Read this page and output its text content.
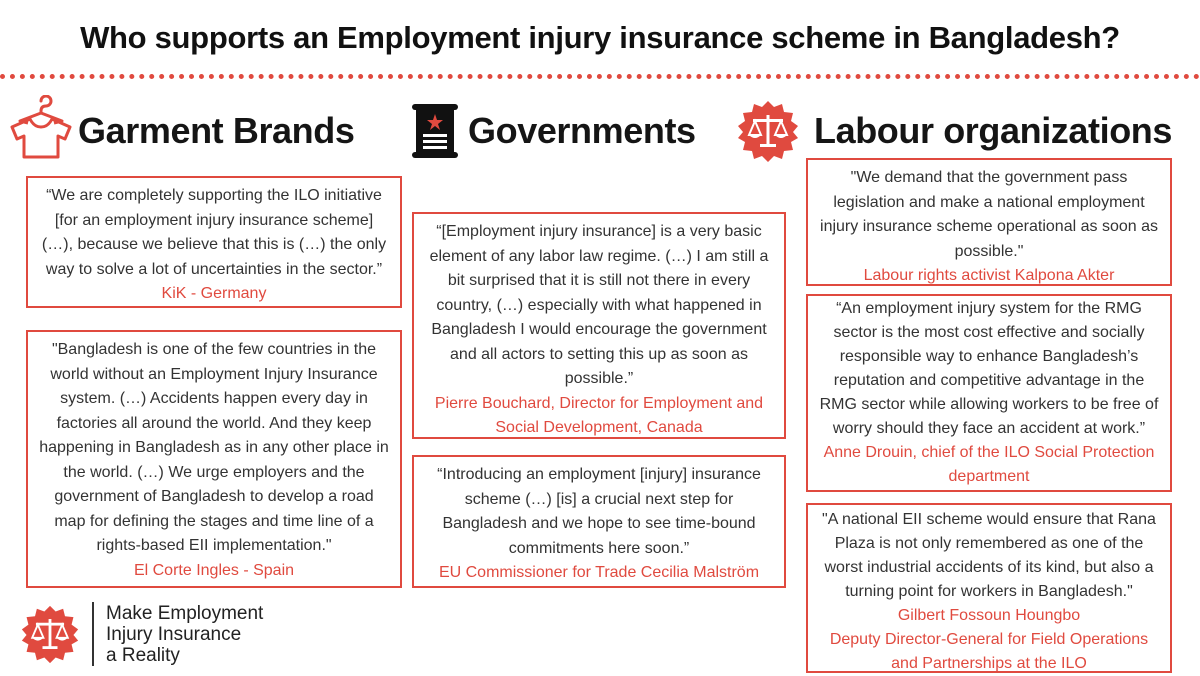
Who supports an Employment injury insurance scheme in Bangladesh?
Garment Brands	Governments	Labour organizations
“We are completely supporting the ILO initiative [for an employment injury insurance scheme] (…), because we believe that this is (…) the only way to solve a lot of uncertainties in the sector.”
KiK - Germany
"Bangladesh is one of the few countries in the world without an Employment Injury Insurance system. (…) Accidents happen every day in factories all around the world. And they keep happening in Bangladesh as in any other place in the world. (…) We urge employers and the government of Bangladesh to develop a road map for defining the stages and time line of a rights-based EII implementation."
El Corte Ingles - Spain
“[Employment injury insurance] is a very basic element of any labor law regime. (…) I am still a bit surprised that it is still not there in every country, (…) especially with what happened in Bangladesh I would encourage the government and all actors to setting this up as soon as possible.”
Pierre Bouchard, Director for Employment and Social Development, Canada
“Introducing an employment [injury] insurance scheme (…) [is] a crucial next step for Bangladesh and we hope to see time-bound commitments here soon.”
EU Commissioner for Trade Cecilia Malström
"We demand that the government pass legislation and make a national employment injury insurance scheme operational as soon as possible."
Labour rights activist Kalpona Akter
“An employment injury system for the RMG sector is the most cost effective and socially responsible way to enhance Bangladesh’s reputation and competitive advantage in the RMG sector while allowing workers to be free of worry should they face an accident at work.”
Anne Drouin, chief of the ILO Social Protection department
"A national EII scheme would ensure that Rana Plaza is not only remembered as one of the worst industrial accidents of its kind, but also a turning point for workers in Bangladesh."
Gilbert Fossoun Houngbo
Deputy Director-General for Field Operations and Partnerships at the ILO
Make Employment
Injury Insurance
a Reality
